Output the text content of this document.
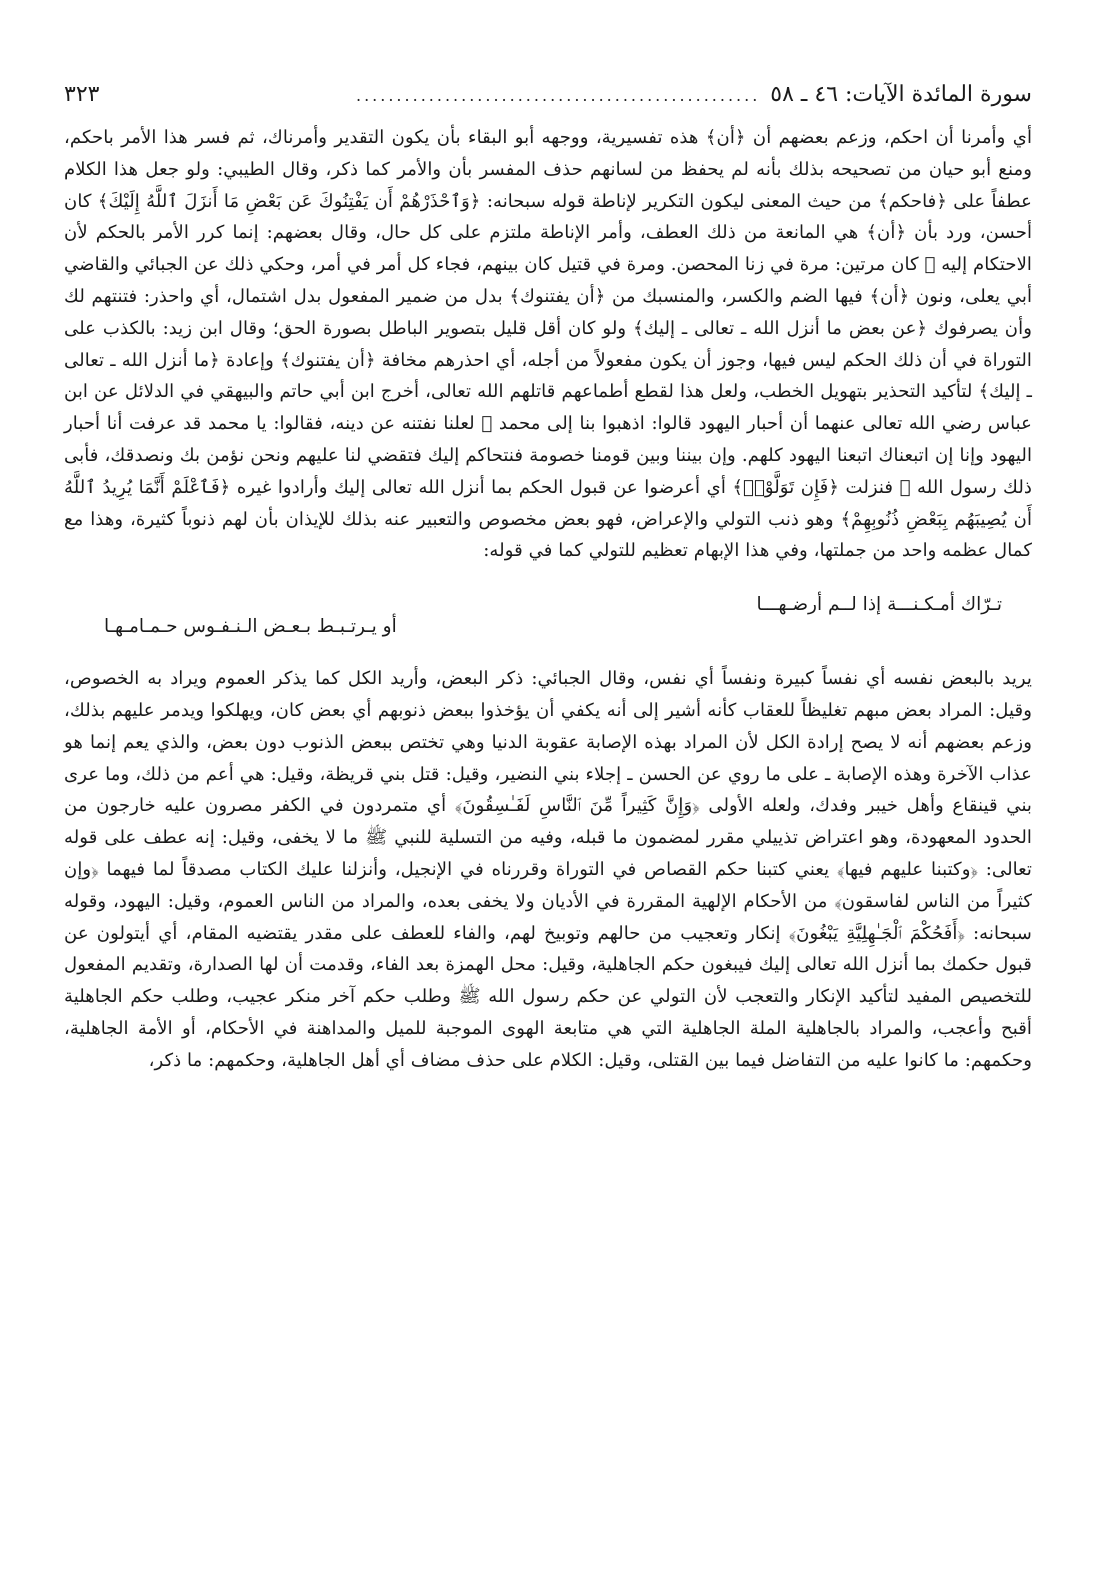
سورة المائدة الآيات: ٤٦ ـ ٥٨
..................................................
٣٢٣

أي وأمرنا أن احكم، وزعم بعضهم أن ﴿أن﴾ هذه تفسيرية، ووجهه أبو البقاء بأن يكون التقدير وأمرناك، ثم فسر هذا الأمر باحكم، ومنع أبو حيان من تصحيحه بذلك بأنه لم يحفظ من لسانهم حذف المفسر بأن والأمر كما ذكر، وقال الطيبي: ولو جعل هذا الكلام عطفاً على ﴿فاحكم﴾ من حيث المعنى ليكون التكرير لإناطة قوله سبحانه: ﴿وَٱحْذَرْهُمْ أَن يَفْتِنُوكَ عَن بَعْضِ مَا أَنزَلَ ٱللَّهُ إِلَيْكَ﴾ كان أحسن، ورد بأن ﴿أن﴾ هي المانعة من ذلك العطف، وأمر الإناطة ملتزم على كل حال، وقال بعضهم: إنما كرر الأمر بالحكم لأن الاحتكام إليه ﷺ كان مرتين: مرة في زنا المحصن. ومرة في قتيل كان بينهم، فجاء كل أمر في أمر، وحكي ذلك عن الجبائي والقاضي أبي يعلى، ونون ﴿أن﴾ فيها الضم والكسر، والمنسبك من ﴿أن يفتنوك﴾ بدل من ضمير المفعول بدل اشتمال، أي واحذر: فتنتهم لك وأن يصرفوك ﴿عن بعض ما أنزل الله ـ تعالى ـ إليك﴾ ولو كان أقل قليل بتصوير الباطل بصورة الحق؛ وقال ابن زيد: بالكذب على التوراة في أن ذلك الحكم ليس فيها، وجوز أن يكون مفعولاً من أجله، أي احذرهم مخافة ﴿أن يفتنوك﴾ وإعادة ﴿ما أنزل الله ـ تعالى ـ إليك﴾ لتأكيد التحذير بتهويل الخطب، ولعل هذا لقطع أطماعهم قاتلهم الله تعالى، أخرج ابن أبي حاتم والبيهقي في الدلائل عن ابن عباس رضي الله تعالى عنهما أن أحبار اليهود قالوا: اذهبوا بنا إلى محمد ﷺ لعلنا نفتنه عن دينه، فقالوا: يا محمد قد عرفت أنا أحبار اليهود وإنا إن اتبعناك اتبعنا اليهود كلهم. وإن بيننا وبين قومنا خصومة فنتحاكم إليك فتقضي لنا عليهم ونحن نؤمن بك ونصدقك، فأبى ذلك رسول الله ﷺ فنزلت ﴿فَإِن تَوَلَّوْا۟﴾ أي أعرضوا عن قبول الحكم بما أنزل الله تعالى إليك وأرادوا غيره ﴿فَٱعْلَمْ أَنَّمَا يُرِيدُ ٱللَّهُ أَن يُصِيبَهُم بِبَعْضِ ذُنُوبِهِمْ﴾ وهو ذنب التولي والإعراض، فهو بعض مخصوص والتعبير عنه بذلك للإيذان بأن لهم ذنوباً كثيرة، وهذا مع كمال عظمه واحد من جملتها، وفي هذا الإبهام تعظيم للتولي كما في قوله:

تـرّاك أمـكـنـــة إذا لــم أرضـهـــا
أو يـرتـبـط بـعـض الـنـفـوس حـمـامـهـا

يريد بالبعض نفسه أي نفساً كبيرة ونفساً أي نفس، وقال الجبائي: ذكر البعض، وأريد الكل كما يذكر العموم ويراد به الخصوص، وقيل: المراد بعض مبهم تغليظاً للعقاب كأنه أشير إلى أنه يكفي أن يؤخذوا ببعض ذنوبهم أي بعض كان، ويهلكوا ويدمر عليهم بذلك، وزعم بعضهم أنه لا يصح إرادة الكل لأن المراد بهذه الإصابة عقوبة الدنيا وهي تختص ببعض الذنوب دون بعض، والذي يعم إنما هو عذاب الآخرة وهذه الإصابة ـ على ما روي عن الحسن ـ إجلاء بني النضير، وقيل: قتل بني قريظة، وقيل: هي أعم من ذلك، وما عرى بني قينقاع وأهل خيبر وفدك، ولعله الأولى ﴿وَإِنَّ كَثِيراً مِّنَ ٱلنَّاسِ لَفَـٰسِقُونَ﴾ أي متمردون في الكفر مصرون عليه خارجون من الحدود المعهودة، وهو اعتراض تذييلي مقرر لمضمون ما قبله، وفيه من التسلية للنبي ﷺ ما لا يخفى، وقيل: إنه عطف على قوله تعالى: ﴿وكتبنا عليهم فيها﴾ يعني كتبنا حكم القصاص في التوراة وقررناه في الإنجيل، وأنزلنا عليك الكتاب مصدقاً لما فيهما ﴿وإن كثيراً من الناس لفاسقون﴾ من الأحكام الإلهية المقررة في الأديان ولا يخفى بعده، والمراد من الناس العموم، وقيل: اليهود، وقوله سبحانه: ﴿أَفَحُكْمَ ٱلْجَـٰهِلِيَّةِ يَبْغُونَ﴾ إنكار وتعجيب من حالهم وتوبيخ لهم، والفاء للعطف على مقدر يقتضيه المقام، أي أيتولون عن قبول حكمك بما أنزل الله تعالى إليك فيبغون حكم الجاهلية، وقيل: محل الهمزة بعد الفاء، وقدمت أن لها الصدارة، وتقديم المفعول للتخصيص المفيد لتأكيد الإنكار والتعجب لأن التولي عن حكم رسول الله ﷺ وطلب حكم آخر منكر عجيب، وطلب حكم الجاهلية أقبح وأعجب، والمراد بالجاهلية الملة الجاهلية التي هي متابعة الهوى الموجبة للميل والمداهنة في الأحكام، أو الأمة الجاهلية، وحكمهم: ما كانوا عليه من التفاضل فيما بين القتلى، وقيل: الكلام على حذف مضاف أي أهل الجاهلية، وحكمهم: ما ذكر،
